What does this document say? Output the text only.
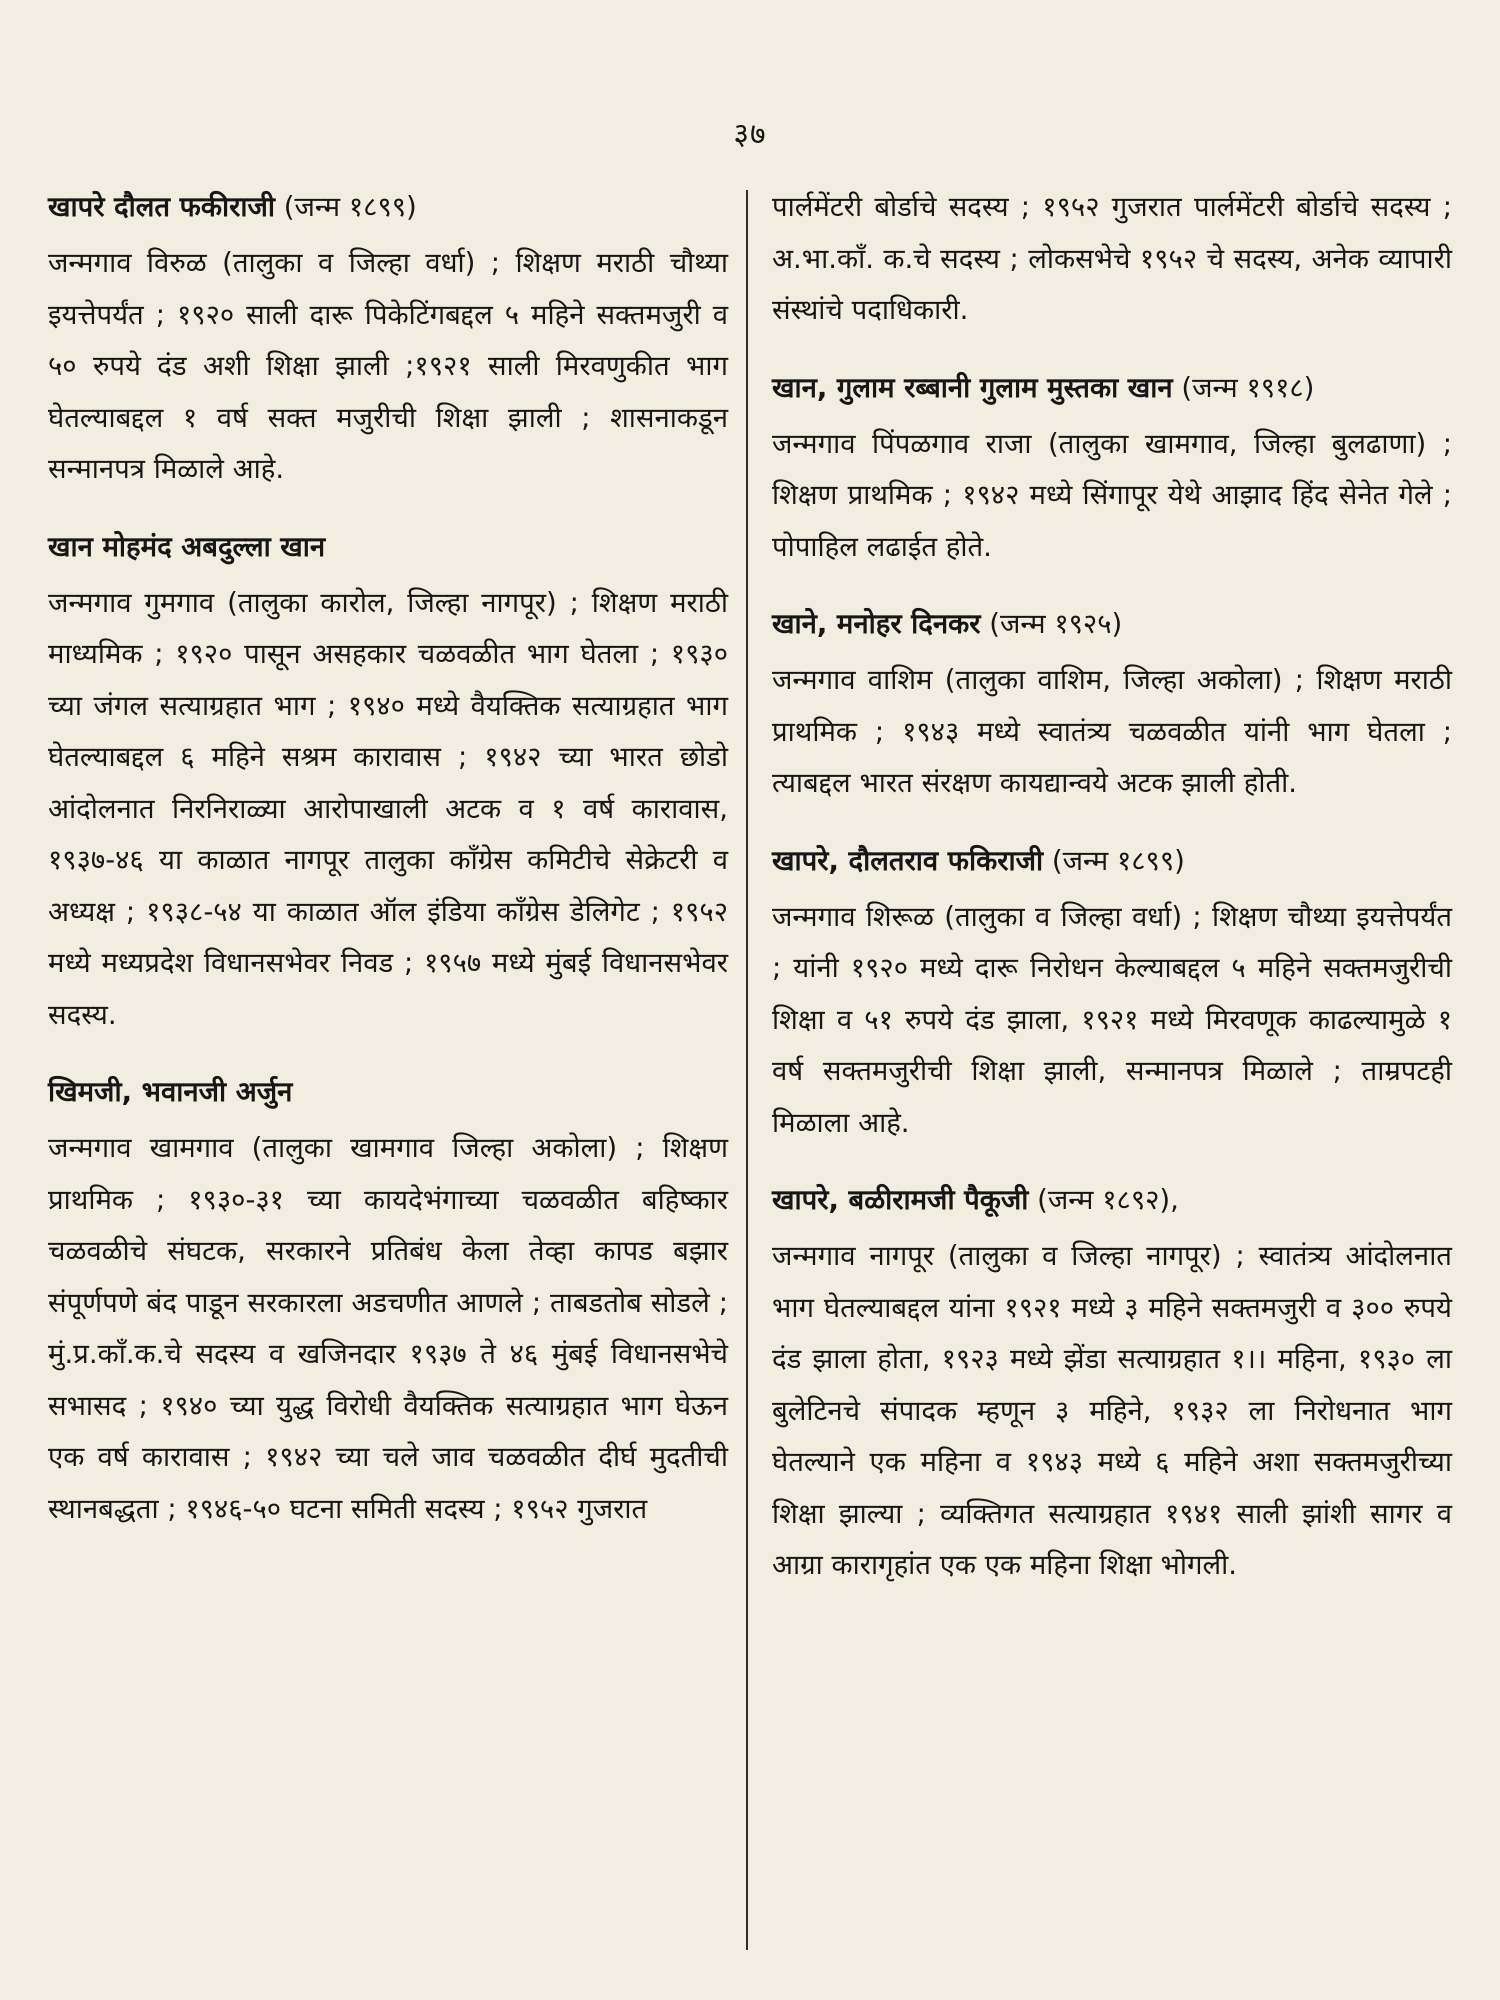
३७

खापरे दौलत फकीराजी (जन्म १८९९)

जन्मगाव विरुळ (तालुका व जिल्हा वर्धा) ; शिक्षण मराठी चौथ्या इयत्तेपर्यंत ; १९२० साली दारू पिकेटिंगबद्दल ५ महिने सक्तमजुरी व ५० रुपये दंड अशी शिक्षा झाली ;१९२१ साली मिरवणुकीत भाग घेतल्याबद्दल १ वर्ष सक्त मजुरीची शिक्षा झाली ; शासनाकडून सन्मानपत्र मिळाले आहे.

खान मोहमंद अबदुल्ला खान

जन्मगाव गुमगाव (तालुका कारोल, जिल्हा नागपूर) ; शिक्षण मराठी माध्यमिक ; १९२० पासून असहकार चळवळीत भाग घेतला ; १९३० च्या जंगल सत्याग्रहात भाग ; १९४० मध्ये वैयक्तिक सत्याग्रहात भाग घेतल्याबद्दल ६ महिने सश्रम कारावास ; १९४२ च्या भारत छोडो आंदोलनात निरनिराळ्या आरोपाखाली अटक व १ वर्ष कारावास, १९३७-४६ या काळात नागपूर तालुका कॉंग्रेस कमिटीचे सेक्रेटरी व अध्यक्ष ; १९३८-५४ या काळात ऑल इंडिया कॉंग्रेस डेलिगेट ; १९५२ मध्ये मध्यप्रदेश विधानसभेवर निवड ; १९५७ मध्ये मुंबई विधानसभेवर सदस्य.

खिमजी, भवानजी अर्जुन

जन्मगाव खामगाव (तालुका खामगाव जिल्हा अकोला) ; शिक्षण प्राथमिक ; १९३०-३१ च्या कायदेभंगाच्या चळवळीत बहिष्कार चळवळीचे संघटक, सरकारने प्रतिबंध केला तेव्हा कापड बझार संपूर्णपणे बंद पाडून सरकारला अडचणीत आणले ; ताबडतोब सोडले ; मुं.प्र.कॉं.क.चे सदस्य व खजिनदार १९३७ ते ४६ मुंबई विधानसभेचे सभासद ; १९४० च्या युद्ध विरोधी वैयक्तिक सत्याग्रहात भाग घेऊन एक वर्ष कारावास ; १९४२ च्या चले जाव चळवळीत दीर्घ मुदतीची स्थानबद्धता ; १९४६-५० घटना समिती सदस्य ; १९५२ गुजरात

पार्लमेंटरी बोर्डाचे सदस्य ; १९५२ गुजरात पार्लमेंटरी बोर्डाचे सदस्य ; अ.भा.कॉं. क.चे सदस्य ; लोकसभेचे १९५२ चे सदस्य, अनेक व्यापारी संस्थांचे पदाधिकारी.

खान, गुलाम रब्बानी गुलाम मुस्तका खान (जन्म १९१८)

जन्मगाव पिंपळगाव राजा (तालुका खामगाव, जिल्हा बुलढाणा) ; शिक्षण प्राथमिक ; १९४२ मध्ये सिंगापूर येथे आझाद हिंद सेनेत गेले ; पोपाहिल लढाईत होते.

खाने, मनोहर दिनकर (जन्म १९२५)

जन्मगाव वाशिम (तालुका वाशिम, जिल्हा अकोला) ; शिक्षण मराठी प्राथमिक ; १९४३ मध्ये स्वातंत्र्य चळवळीत यांनी भाग घेतला ; त्याबद्दल भारत संरक्षण कायद्यान्वये अटक झाली होती.

खापरे, दौलतराव फकिराजी (जन्म १८९९)

जन्मगाव शिरूळ (तालुका व जिल्हा वर्धा) ; शिक्षण चौथ्या इयत्तेपर्यंत ; यांनी १९२० मध्ये दारू निरोधन केल्याबद्दल ५ महिने सक्तमजुरीची शिक्षा व ५१ रुपये दंड झाला, १९२१ मध्ये मिरवणूक काढल्यामुळे १ वर्ष सक्तमजुरीची शिक्षा झाली, सन्मानपत्र मिळाले ; ताम्रपटही मिळाला आहे.

खापरे, बळीरामजी पैकूजी (जन्म १८९२),

जन्मगाव नागपूर (तालुका व जिल्हा नागपूर) ; स्वातंत्र्य आंदोलनात भाग घेतल्याबद्दल यांना १९२१ मध्ये ३ महिने सक्तमजुरी व ३०० रुपये दंड झाला होता, १९२३ मध्ये झेंडा सत्याग्रहात १।। महिना, १९३० ला बुलेटिनचे संपादक म्हणून ३ महिने, १९३२ ला निरोधनात भाग घेतल्याने एक महिना व १९४३ मध्ये ६ महिने अशा सक्तमजुरीच्या शिक्षा झाल्या ; व्यक्तिगत सत्याग्रहात १९४१ साली झांशी सागर व आग्रा कारागृहांत एक एक महिना शिक्षा भोगली.
